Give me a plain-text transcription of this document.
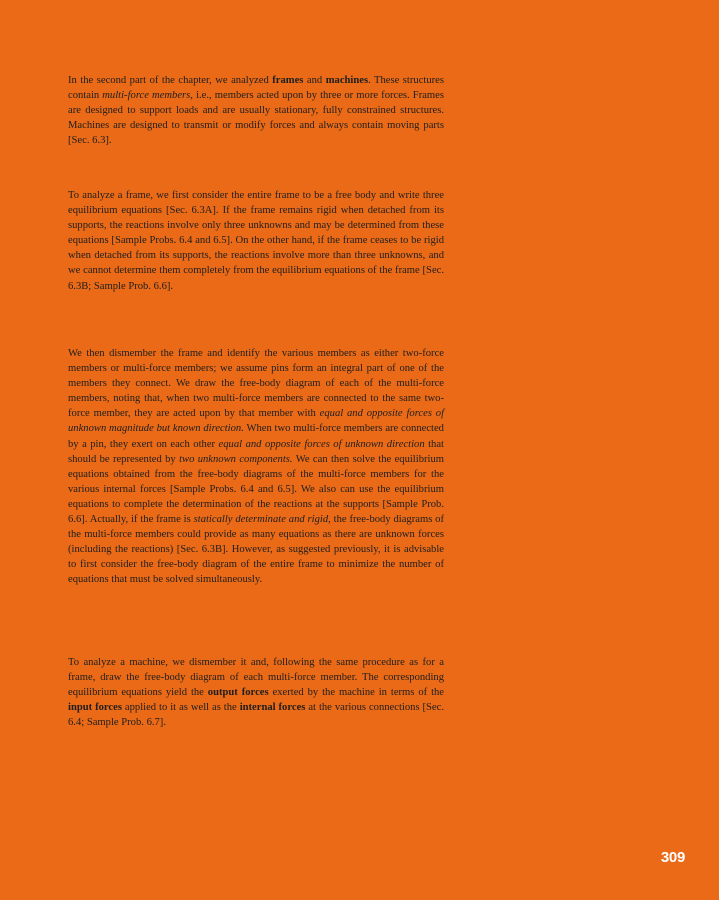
In the second part of the chapter, we analyzed frames and machines. These structures contain multi-force members, i.e., members acted upon by three or more forces. Frames are designed to support loads and are usually stationary, fully constrained structures. Machines are designed to transmit or modify forces and always contain moving parts [Sec. 6.3].

To analyze a frame, we first consider the entire frame to be a free body and write three equilibrium equations [Sec. 6.3A]. If the frame remains rigid when detached from its supports, the reactions involve only three unknowns and may be determined from these equations [Sample Probs. 6.4 and 6.5]. On the other hand, if the frame ceases to be rigid when detached from its supports, the reactions involve more than three unknowns, and we cannot determine them completely from the equilibrium equations of the frame [Sec. 6.3B; Sample Prob. 6.6].

We then dismember the frame and identify the various members as either two-force members or multi-force members; we assume pins form an integral part of one of the members they connect. We draw the free-body diagram of each of the multi-force members, noting that, when two multi-force members are connected to the same two-force member, they are acted upon by that member with equal and opposite forces of unknown magnitude but known direction. When two multi-force members are connected by a pin, they exert on each other equal and opposite forces of unknown direction that should be represented by two unknown components. We can then solve the equilibrium equations obtained from the free-body diagrams of the multi-force members for the various internal forces [Sample Probs. 6.4 and 6.5]. We also can use the equilibrium equations to complete the determination of the reactions at the supports [Sample Prob. 6.6]. Actually, if the frame is statically determinate and rigid, the free-body diagrams of the multi-force members could provide as many equations as there are unknown forces (including the reactions) [Sec. 6.3B]. However, as suggested previously, it is advisable to first consider the free-body diagram of the entire frame to minimize the number of equations that must be solved simultaneously.

To analyze a machine, we dismember it and, following the same procedure as for a frame, draw the free-body diagram of each multi-force member. The corresponding equilibrium equations yield the output forces exerted by the machine in terms of the input forces applied to it as well as the internal forces at the various connections [Sec. 6.4; Sample Prob. 6.7].

309
